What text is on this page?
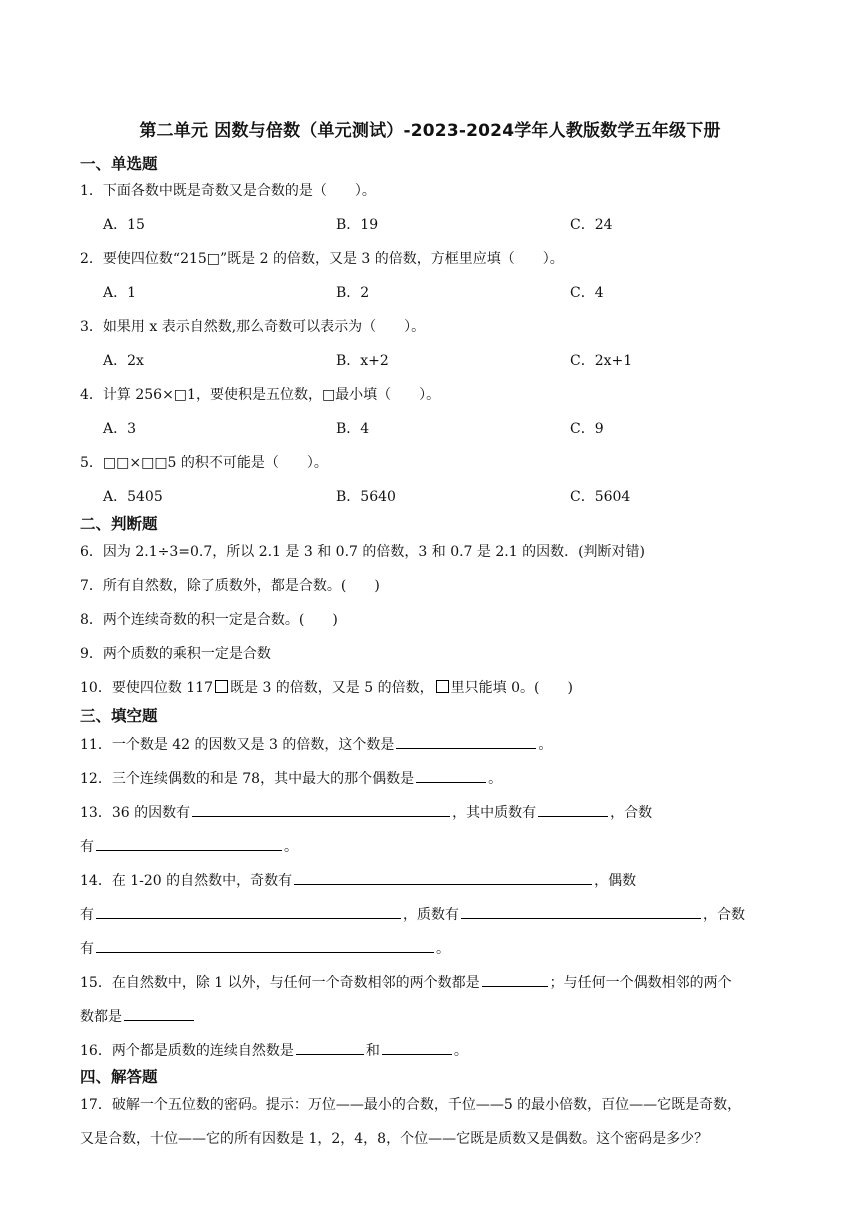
第二单元 因数与倍数（单元测试）-2023-2024学年人教版数学五年级下册
一、单选题
1．下面各数中既是奇数又是合数的是（　　）。
A．15	B．19	C．24
2．要使四位数“215□”既是 2 的倍数，又是 3 的倍数，方框里应填（　　）。
A．1	B．2	C．4
3．如果用 x 表示自然数,那么奇数可以表示为（　　）。
A．2x	B．x+2	C．2x+1
4．计算 256×□1，要使积是五位数，□最小填（　　）。
A．3	B．4	C．9
5．□□×□□5 的积不可能是（　　）。
A．5405	B．5640	C．5604
二、判断题
6．因为 2.1÷3=0.7，所以 2.1 是 3 和 0.7 的倍数，3 和 0.7 是 2.1 的因数．(判断对错)
7．所有自然数，除了质数外，都是合数。(　　)
8．两个连续奇数的积一定是合数。(　　)
9．两个质数的乘积一定是合数
10．要使四位数 117 既是 3 的倍数，又是 5 的倍数， 里只能填 0。(　　)
三、填空题
11．一个数是 42 的因数又是 3 的倍数，这个数是	。
12．三个连续偶数的和是 78，其中最大的那个偶数是	。
13．36 的因数有	，其中质数有	，合数
有	。
14．在 1-20 的自然数中，奇数有	，偶数
有	，质数有	，合数
有	。
15．在自然数中，除 1 以外，与任何一个奇数相邻的两个数都是	；与任何一个偶数相邻的两个
数都是
16．两个都是质数的连续自然数是	和	。
四、解答题
17．破解一个五位数的密码。提示：万位——最小的合数，千位——5 的最小倍数，百位——它既是奇数，
又是合数，十位——它的所有因数是 1，2，4，8，个位——它既是质数又是偶数。这个密码是多少？
